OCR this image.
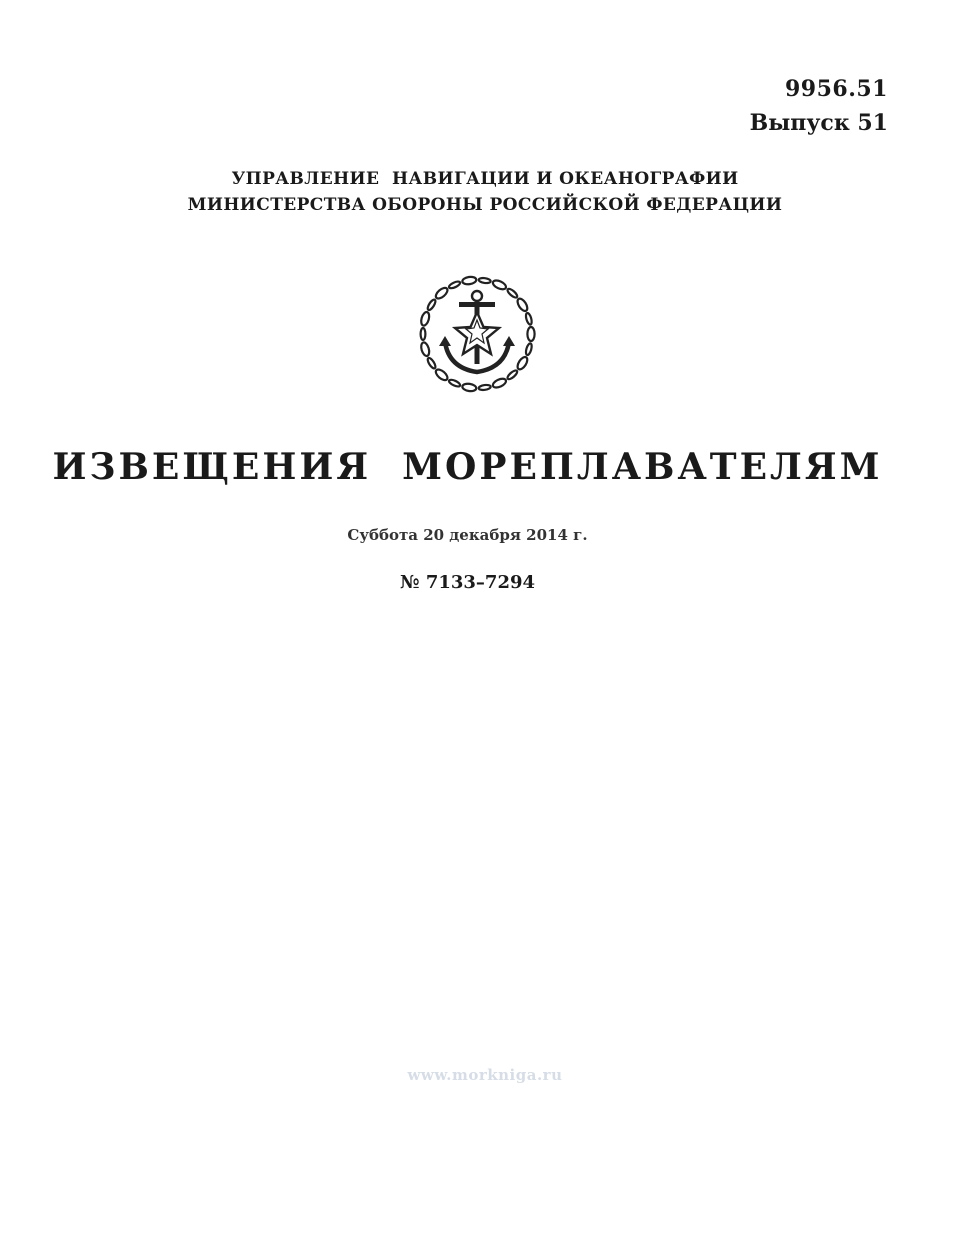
9956.51
Выпуск 51
УПРАВЛЕНИЕ  НАВИГАЦИИ И ОКЕАНОГРАФИИ
МИНИСТЕРСТВА ОБОРОНЫ РОССИЙСКОЙ ФЕДЕРАЦИИ
ИЗВЕЩЕНИЯ  МОРЕПЛАВАТЕЛЯМ
Суббота 20 декабря 2014 г.
№ 7133–7294
www.morkniga.ru
